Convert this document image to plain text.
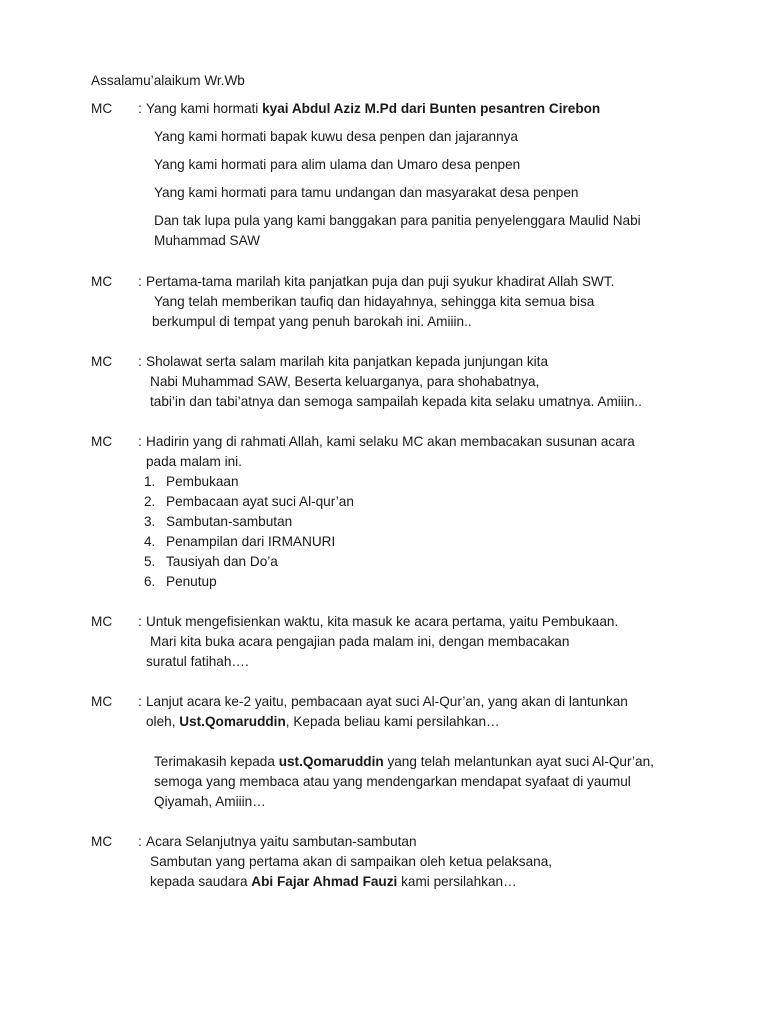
Assalamu’alaikum Wr.Wb
MC	: Yang kami hormati kyai Abdul Aziz M.Pd dari Bunten pesantren Cirebon
Yang kami hormati bapak kuwu desa penpen dan jajarannya
Yang kami hormati para alim ulama dan Umaro desa penpen
Yang kami hormati para tamu undangan dan masyarakat desa penpen
Dan tak lupa pula yang kami banggakan para panitia penyelenggara Maulid Nabi
Muhammad SAW
MC	: Pertama-tama marilah kita panjatkan puja dan puji syukur khadirat Allah SWT.
Yang telah memberikan taufiq dan hidayahnya, sehingga kita semua bisa
berkumpul di tempat yang penuh barokah ini. Amiiin..
MC	: Sholawat serta salam marilah kita panjatkan kepada junjungan kita
Nabi Muhammad SAW, Beserta keluarganya, para shohabatnya,
tabi’in dan tabi’atnya dan semoga sampailah kepada kita selaku umatnya. Amiiin..
MC	: Hadirin yang di rahmati Allah, kami selaku MC akan membacakan susunan acara
pada malam ini.
1. Pembukaan
2. Pembacaan ayat suci Al-qur’an
3. Sambutan-sambutan
4. Penampilan dari IRMANURI
5. Tausiyah dan Do’a
6. Penutup
MC	: Untuk mengefisienkan waktu, kita masuk ke acara pertama, yaitu Pembukaan.
Mari kita buka acara pengajian pada malam ini, dengan membacakan
suratul fatihah….
MC	: Lanjut acara ke-2 yaitu, pembacaan ayat suci Al-Qur’an, yang akan di lantunkan
oleh, Ust.Qomaruddin, Kepada beliau kami persilahkan…
Terimakasih kepada ust.Qomaruddin yang telah melantunkan ayat suci Al-Qur’an,
semoga yang membaca atau yang mendengarkan mendapat syafaat di yaumul
Qiyamah, Amiiin…
MC	: Acara Selanjutnya yaitu sambutan-sambutan
Sambutan yang pertama akan di sampaikan oleh ketua pelaksana,
kepada saudara Abi Fajar Ahmad Fauzi kami persilahkan…
